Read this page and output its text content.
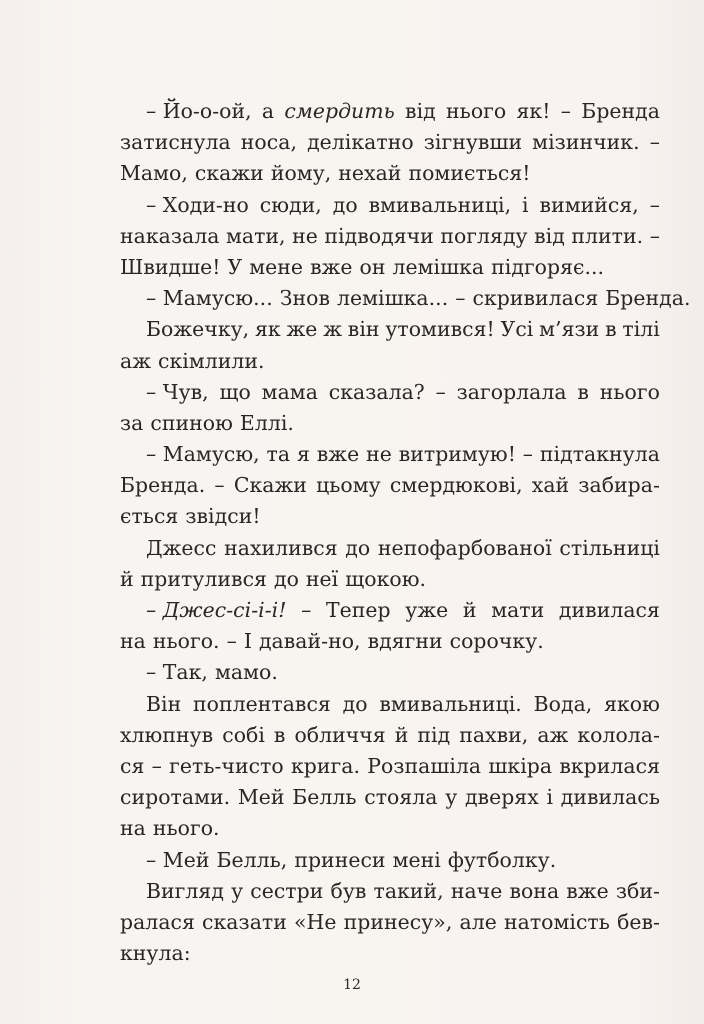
– Йо-о-ой, а смердить від нього як! – Бренда
затиснула носа, делікатно зігнувши мізинчик. –
Мамо, скажи йому, нехай помиється!
– Ходи-но сюди, до вмивальниці, і вимийся, –
наказала мати, не підводячи погляду від плити. –
Швидше! У мене вже он лемішка підгоряє...
– Мамусю... Знов лемішка... – скривилася Бренда.
Божечку, як же ж він утомився! Усі м’язи в тілі
аж скімлили.
– Чув, що мама сказала? – загорлала в нього
за спиною Еллі.
– Мамусю, та я вже не витримую! – підтакнула
Бренда. – Скажи цьому смердюкові, хай забира-
ється звідси!
Джесс нахилився до непофарбованої стільниці
й притулився до неї щокою.
– Джес-сі-і-і! – Тепер уже й мати дивилася
на нього. – І давай-но, вдягни сорочку.
– Так, мамо.
Він поплентався до вмивальниці. Вода, якою
хлюпнув собі в обличчя й під пахви, аж колола-
ся – геть-чисто крига. Розпашіла шкіра вкрилася
сиротами. Мей Белль стояла у дверях і дивилась
на нього.
– Мей Белль, принеси мені футболку.
Вигляд у сестри був такий, наче вона вже зби-
ралася сказати «Не принесу», але натомість бев-
кнула:
12
